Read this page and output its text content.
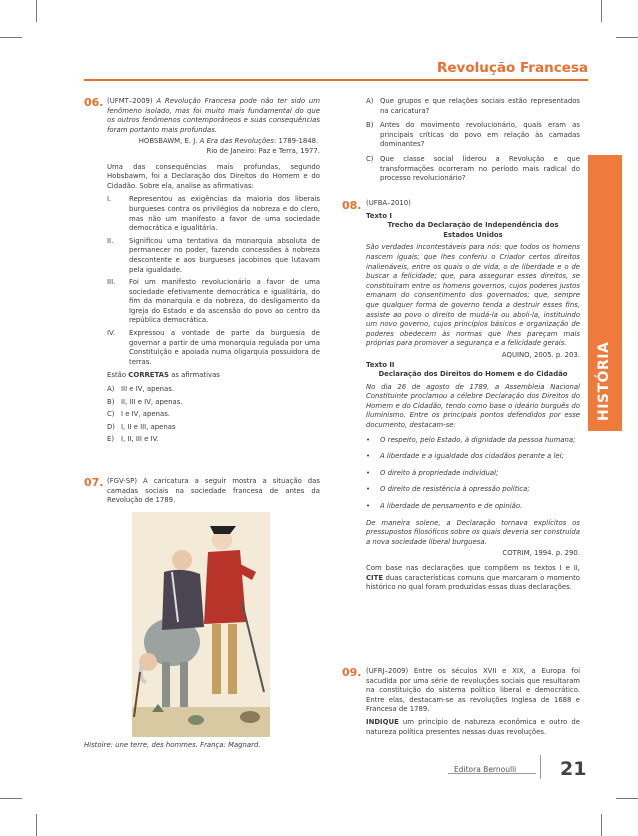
Revolução Francesa
HISTÓRIA
06. (UFMT–2009) A Revolução Francesa pode não ter sido um fenômeno isolado, mas foi muito mais fundamental do que os outros fenômenos contemporâneos e suas consequências foram portanto mais profundas.

HOBSBAWM, E. J. A Era das Revoluções: 1789-1848.

Rio de Janeiro: Paz e Terra, 1977.

Uma das consequências mais profundas, segundo Hobsbawm, foi a Declaração dos Direitos do Homem e do Cidadão. Sobre ela, analise as afirmativas:

I.	Representou as exigências da maioria dos liberais burgueses contra os privilégios da nobreza e do clero, mas não um manifesto a favor de uma sociedade democrática e igualitária.
II. Significou uma tentativa da monarquia absoluta de permanecer no poder, fazendo concessões à nobreza descontente e aos burgueses jacobinos que lutavam pela igualdade.
III. Foi um manifesto revolucionário a favor de uma sociedade efetivamente democrática e igualitária, do fim da monarquia e da nobreza, do desligamento da Igreja do Estado e da ascensão do povo ao centro da república democrática.
IV. Expressou a vontade de parte da burguesia de governar a partir de uma monarquia regulada por uma Constituição e apoiada numa oligarquia possuidora de terras.

Estão CORRETAS as afirmativas

A) III e IV, apenas.
B) II, III e IV, apenas.
C) I e IV, apenas.
D) I, II e III, apenas
E) I, II, III e IV.
07. (FGV-SP) A caricatura a seguir mostra a situação das camadas sociais na sociedade francesa de antes da Revolução de 1789.

Histoire: une terre, des hommes. França: Magnard.
A) Que grupos e que relações sociais estão representados na caricatura?
B) Antes do movimento revolucionário, quais eram as principais críticas do povo em relação às camadas dominantes?
C) Que classe social liderou a Revolução e que transformações ocorreram no período mais radical do processo revolucionário?
08. (UFBA–2010)

Texto I

Trecho da Declaração de Independência dos

Estados Unidos

São verdades incontestáveis para nós: que todos os homens nascem iguais; que lhes conferiu o Criador certos direitos inalienáveis, entre os quais o de vida, o de liberdade e o de buscar a felicidade; que, para assegurar esses direitos, se constituíram entre os homens governos, cujos poderes justos emanam do consentimento dos governados; que, sempre que qualquer forma de governo tenda a destruir esses fins, assiste ao povo o direito de mudá-la ou aboli-la, instituindo um novo governo, cujos princípios básicos e organização de poderes obedecem às normas que lhes pareçam mais próprias para promover a segurança e a felicidade gerais.

AQUINO, 2005. p. 203.

Texto II

Declaração dos Direitos do Homem e do Cidadão

No dia 26 de agosto de 1789, a Assembleia Nacional Constituinte proclamou a célebre Declaração dos Direitos do Homem e do Cidadão, tendo como base o ideário burguês do Iluminismo. Entre os principais pontos defendidos por esse documento, destacam-se:

• O respeito, pelo Estado, à dignidade da pessoa humana;
• A liberdade e a igualdade dos cidadãos perante a lei;
• O direito à propriedade individual;
• O direito de resistência à opressão política;
• A liberdade de pensamento e de opinião.

De maneira solene, a Declaração tornava explícitos os pressupostos filosóficos sobre os quais deveria ser construída a nova sociedade liberal burguesa.

COTRIM, 1994. p. 290.

Com base nas declarações que compõem os textos I e II, CITE duas características comuns que marcaram o momento histórico no qual foram produzidas essas duas declarações.

09. (UFRJ–2009) Entre os séculos XVII e XIX, a Europa foi sacudida por uma série de revoluções sociais que resultaram na constituição do sistema político liberal e democrático. Entre elas, destacam-se as revoluções Inglesa de 1688 e Francesa de 1789.

INDIQUE um princípio de natureza econômica e outro de natureza política presentes nessas duas revoluções.

Editora Bernoulli 21
